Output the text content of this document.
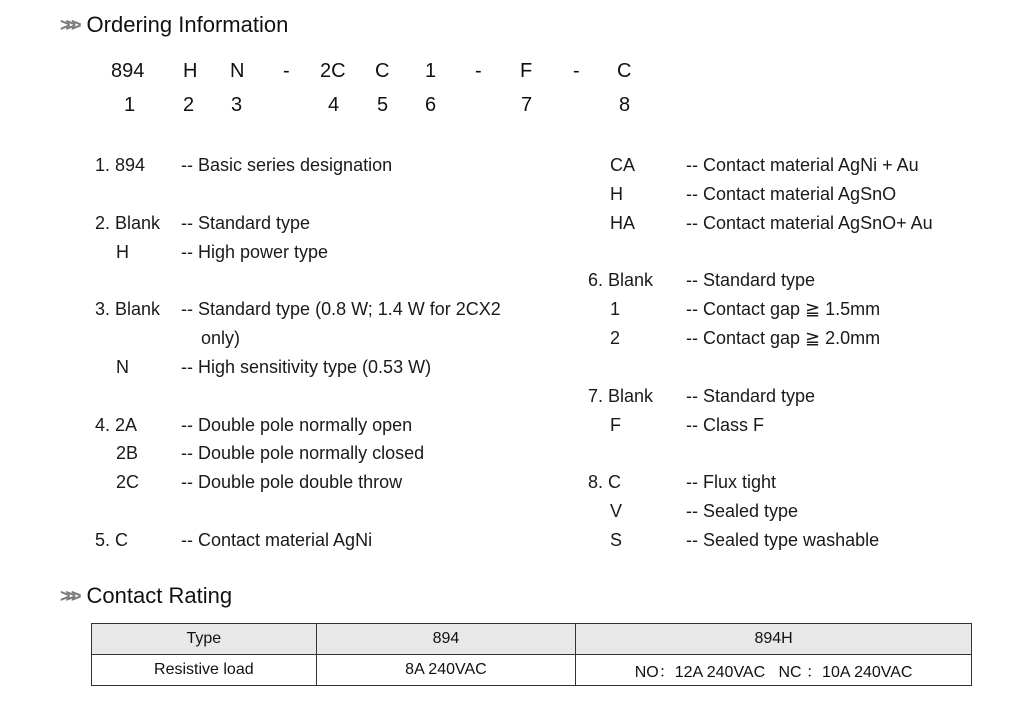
>>> Ordering Information
894 H N - 2C C 1 - F - C
1 2 3	4 5 6	7	8
1. 894 -- Basic series designation
2. Blank -- Standard type
H	-- High power type
3. Blank -- Standard type (0.8 W; 1.4 W for 2CX2
only)
N	-- High sensitivity type (0.53 W)
4. 2A -- Double pole normally open
2B -- Double pole normally closed
2C -- Double pole double throw
5. C	-- Contact material AgNi
CA	-- Contact material AgNi + Au
H	-- Contact material AgSnO
HA	-- Contact material AgSnO+ Au
6. Blank -- Standard type
1	-- Contact gap ≧ 1.5mm
2	-- Contact gap ≧ 2.0mm
7. Blank -- Standard type
F	-- Class F
8. C	-- Flux tight
V	-- Sealed type
S	-- Sealed type washable
>>> Contact Rating
Type	894	894H
Resistive load	8A 240VAC	NO：12A 240VAC   NC ：10A 240VAC
